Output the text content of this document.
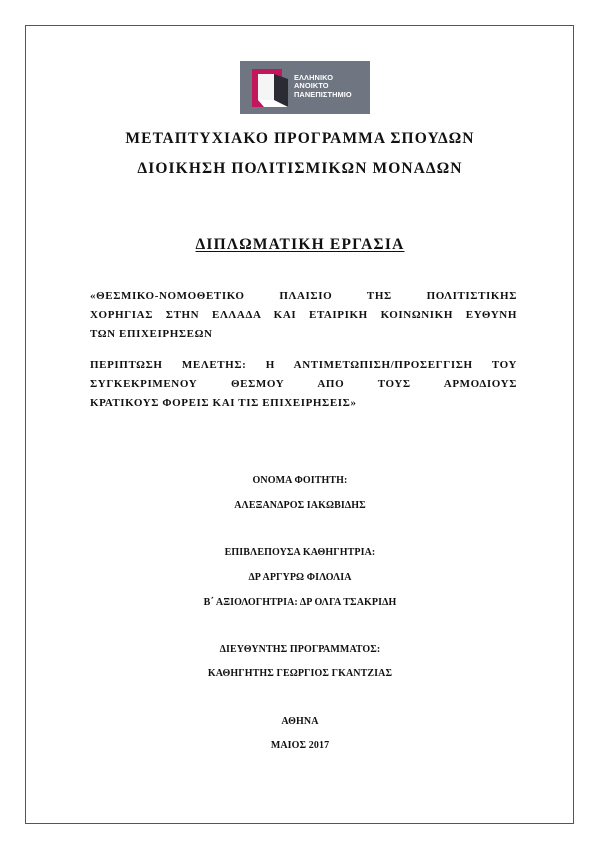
ΕΛΛΗΝΙΚΟ
ΑΝΟΙΚΤΟ
ΠΑΝΕΠΙΣΤΗΜΙΟ
ΜΕΤΑΠΤΥΧΙΑΚΟ ΠΡΟΓΡΑΜΜΑ ΣΠΟΥΔΩΝ
ΔΙΟΙΚΗΣΗ ΠΟΛΙΤΙΣΜΙΚΩΝ ΜΟΝΑΔΩΝ
ΔΙΠΛΩΜΑΤΙΚΗ ΕΡΓΑΣΙΑ
«ΘΕΣΜΙΚΟ-ΝΟΜΟΘΕΤΙΚΟ ΠΛΑΙΣΙΟ ΤΗΣ ΠΟΛΙΤΙΣΤΙΚΗΣ
ΧΟΡΗΓΙΑΣ ΣΤΗΝ ΕΛΛΑΔΑ ΚΑΙ ΕΤΑΙΡΙΚΗ ΚΟΙΝΩΝΙΚΗ ΕΥΘΥΝΗ
ΤΩΝ ΕΠΙΧΕΙΡΗΣΕΩΝ
ΠΕΡΙΠΤΩΣΗ ΜΕΛΕΤΗΣ: Η ΑΝΤΙΜΕΤΩΠΙΣΗ/ΠΡΟΣΕΓΓΙΣΗ ΤΟΥ
ΣΥΓΚΕΚΡΙΜΕΝΟΥ ΘΕΣΜΟΥ ΑΠΟ ΤΟΥΣ ΑΡΜΟΔΙΟΥΣ
ΚΡΑΤΙΚΟΥΣ ΦΟΡΕΙΣ ΚΑΙ ΤΙΣ ΕΠΙΧΕΙΡΗΣΕΙΣ»
ΟΝΟΜΑ ΦΟΙΤΗΤΗ:
ΑΛΕΞΑΝΔΡΟΣ ΙΑΚΩΒΙΔΗΣ
ΕΠΙΒΛΕΠΟΥΣΑ ΚΑΘΗΓΗΤΡΙΑ:
ΔΡ ΑΡΓΥΡΩ ΦΙΛΟΛΙΑ
Β΄ ΑΞΙΟΛΟΓΗΤΡΙΑ: ΔΡ ΟΛΓΑ ΤΣΑΚΡΙΔΗ
ΔΙΕΥΘΥΝΤΗΣ ΠΡΟΓΡΑΜΜΑΤΟΣ:
ΚΑΘΗΓΗΤΗΣ ΓΕΩΡΓΙΟΣ ΓΚΑΝΤΖΙΑΣ
ΑΘΗΝΑ
ΜΑΙΟΣ 2017
